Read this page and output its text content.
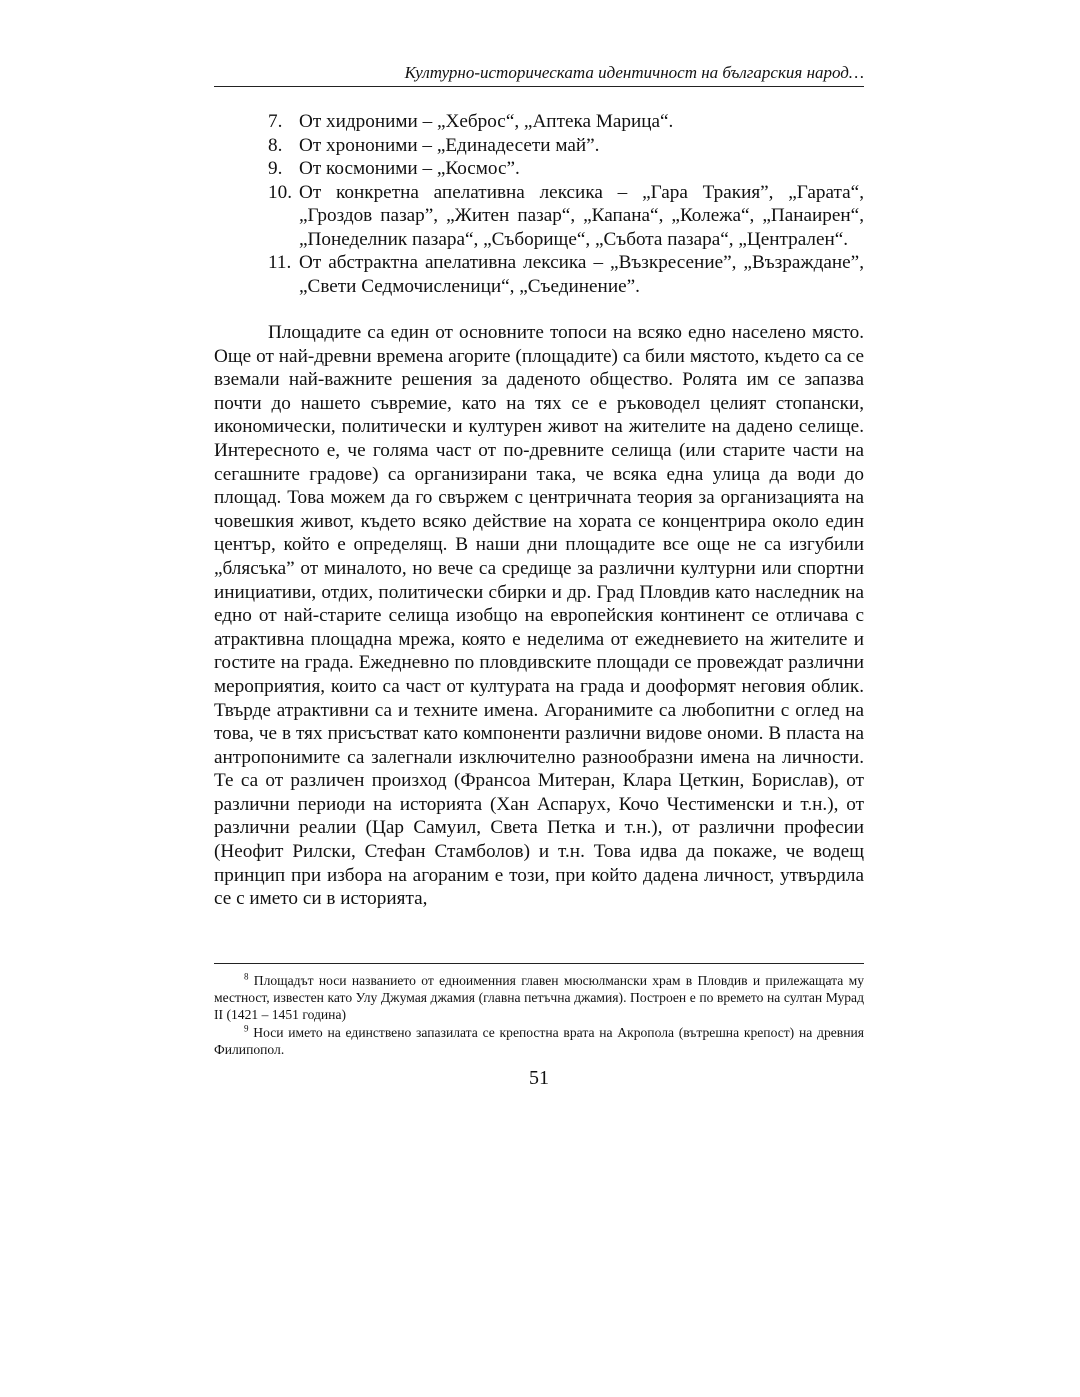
Културно-историческата идентичност на българския народ…
7. От хидроними – „Хеброс“, „Аптека Марица“.
8. От хрононими – „Единадесети май”.
9. От космоними – „Космос”.
10. От конкретна апелативна лексика – „Гара Тракия”, „Гарата“, „Гроздов пазар”, „Житен пазар“, „Капана“, „Колежа“, „Панаирен“, „Понеделник пазара“, „Съборище“, „Събота пазара“, „Централен“.
11. От абстрактна апелативна лексика – „Възкресение”, „Възраждане”, „Свети Седмочисленици“, „Съединение”.

Площадите са един от основните топоси на всяко едно населено място. Още от най-древни времена агорите (площадите) са били мястото, където са се вземали най-важните решения за даденото общество. Ролята им се запазва почти до нашето съвремие, като на тях се е ръководел целият стопански, икономически, политически и културен живот на жителите на дадено селище. Интересното е, че голяма част от по-древните селища (или старите части на сегашните градове) са организирани така, че всяка една улица да води до площад. Това можем да го свържем с центричната теория за организацията на човешкия живот, където всяко действие на хората се концентрира около един център, който е определящ. В наши дни площадите все още не са изгубили „блясъка” от миналото, но вече са средище за различни културни или спортни инициативи, отдих, политически сбирки и др. Град Пловдив като наследник на едно от най-старите селища изобщо на европейския континент се отличава с атрактивна площадна мрежа, която е неделима от ежедневието на жителите и гостите на града. Ежедневно по пловдивските площади се провеждат различни мероприятия, които са част от културата на града и дооформят неговия облик. Твърде атрактивни са и техните имена. Агоранимите са любопитни с оглед на това, че в тях присъстват като компоненти различни видове ономи. В пласта на антропонимите са залегнали изключително разнообразни имена на личности. Те са от различен произход (Франсоа Митеран, Клара Цеткин, Борислав), от различни периоди на историята (Хан Аспарух, Кочо Честименски и т.н.), от различни реалии (Цар Самуил, Света Петка и т.н.), от различни професии (Неофит Рилски, Стефан Стамболов) и т.н. Това идва да покаже, че водещ принцип при избора на агораним е този, при който дадена личност, утвърдила се с името си в историята,

$^8$ Площадът носи названието от едноименния главен мюсюлмански храм в Пловдив и прилежащата му местност, известен като Улу Джумая джамия (главна петъчна джамия). Построен е по времето на султан Мурад II (1421 – 1451 година)

$^9$ Носи името на единствено запазилата се крепостна врата на Акропола (вътрешна крепост) на древния Филипопол.

51
